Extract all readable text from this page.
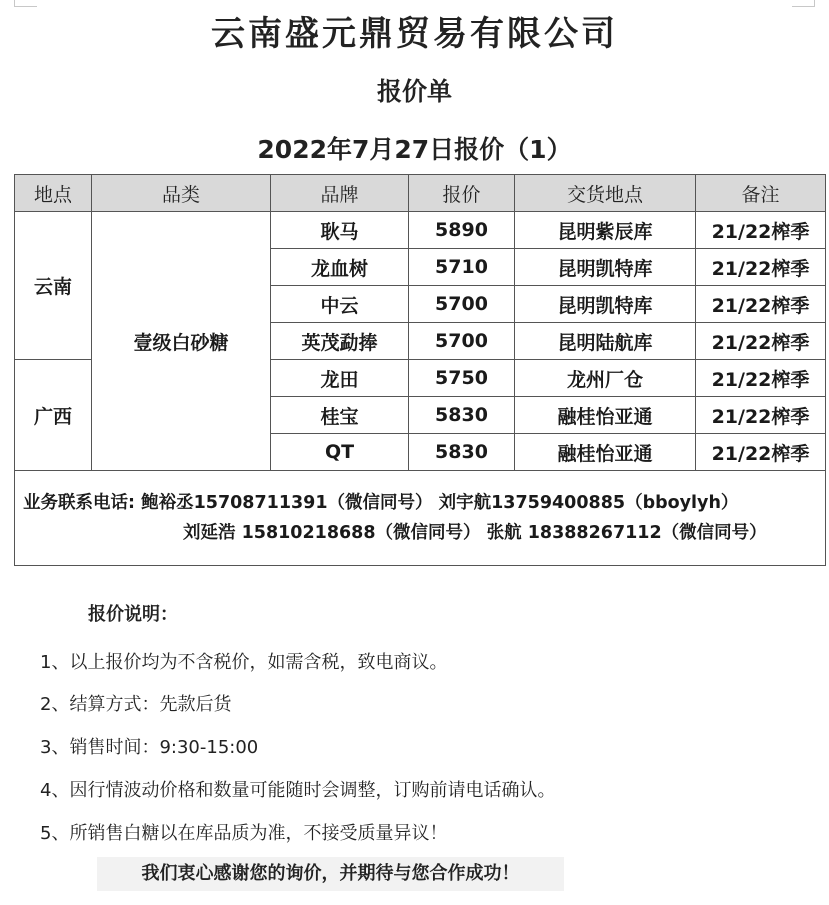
云南盛元鼎贸易有限公司
报价单
2022年7月27日报价（1）
地点	品类	品牌	报价	交货地点	备注
云南	壹级白砂糖	耿马	5890	昆明紫辰库	21/22榨季
		龙血树	5710	昆明凯特库	21/22榨季
		中云	5700	昆明凯特库	21/22榨季
		英茂勐捧	5700	昆明陆航库	21/22榨季
广西		龙田	5750	龙州厂仓	21/22榨季
		桂宝	5830	融桂怡亚通	21/22榨季
		QT	5830	融桂怡亚通	21/22榨季

业务联系电话: 鲍裕丞15708711391（微信同号） 刘宇航13759400885（bboylyh）
刘延浩 15810218688（微信同号） 张航 18388267112（微信同号）					
报价说明：
1、以上报价均为不含税价，如需含税，致电商议。
2、结算方式：先款后货
3、销售时间：9:30-15:00
4、因行情波动价格和数量可能随时会调整，订购前请电话确认。
5、所销售白糖以在库品质为准，不接受质量异议！
我们衷心感谢您的询价，并期待与您合作成功！
